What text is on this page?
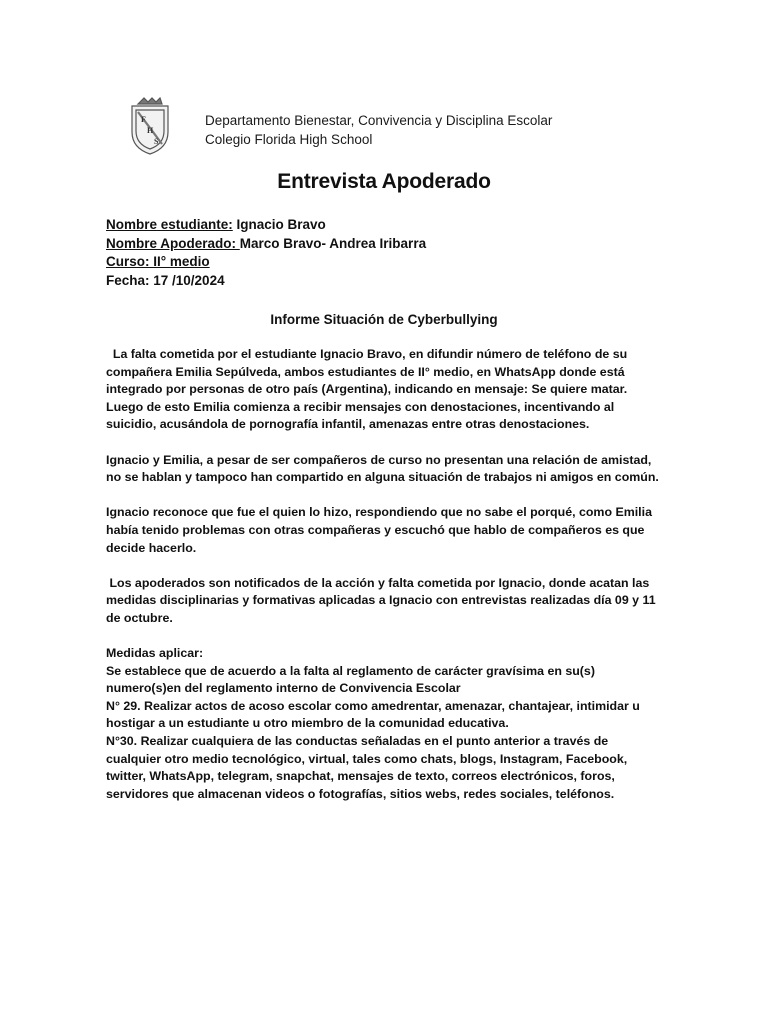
F
H
S
Departamento Bienestar, Convivencia y Disciplina Escolar
Colegio Florida High School
Entrevista Apoderado
Nombre estudiante: Ignacio Bravo
Nombre Apoderado: Marco Bravo- Andrea Iribarra
Curso: II° medio
Fecha: 17 /10/2024
Informe Situación de Cyberbullying

La falta cometida por el estudiante Ignacio Bravo, en difundir número de teléfono de su compañera Emilia Sepúlveda, ambos estudiantes de II° medio, en WhatsApp donde está integrado por personas de otro país (Argentina), indicando en mensaje: Se quiere matar. Luego de esto Emilia comienza a recibir mensajes con denostaciones, incentivando al suicidio, acusándola de pornografía infantil, amenazas entre otras denostaciones.

Ignacio y Emilia, a pesar de ser compañeros de curso no presentan una relación de amistad, no se hablan y tampoco han compartido en alguna situación de trabajos ni amigos en común.

Ignacio reconoce que fue el quien lo hizo, respondiendo que no sabe el porqué, como Emilia había tenido problemas con otras compañeras y escuchó que hablo de compañeros es que decide hacerlo.

Los apoderados son notificados de la acción y falta cometida por Ignacio, donde acatan las medidas disciplinarias y formativas aplicadas a Ignacio con entrevistas realizadas día 09 y 11 de octubre.

Medidas aplicar:
Se establece que de acuerdo a la falta al reglamento de carácter gravísima en su(s) numero(s)en del reglamento interno de Convivencia Escolar
N° 29. Realizar actos de acoso escolar como amedrentar, amenazar, chantajear, intimidar u hostigar a un estudiante u otro miembro de la comunidad educativa.
N°30. Realizar cualquiera de las conductas señaladas en el punto anterior a través de cualquier otro medio tecnológico, virtual, tales como chats, blogs, Instagram, Facebook, twitter, WhatsApp, telegram, snapchat, mensajes de texto, correos electrónicos, foros, servidores que almacenan videos o fotografías, sitios webs, redes sociales, teléfonos.
